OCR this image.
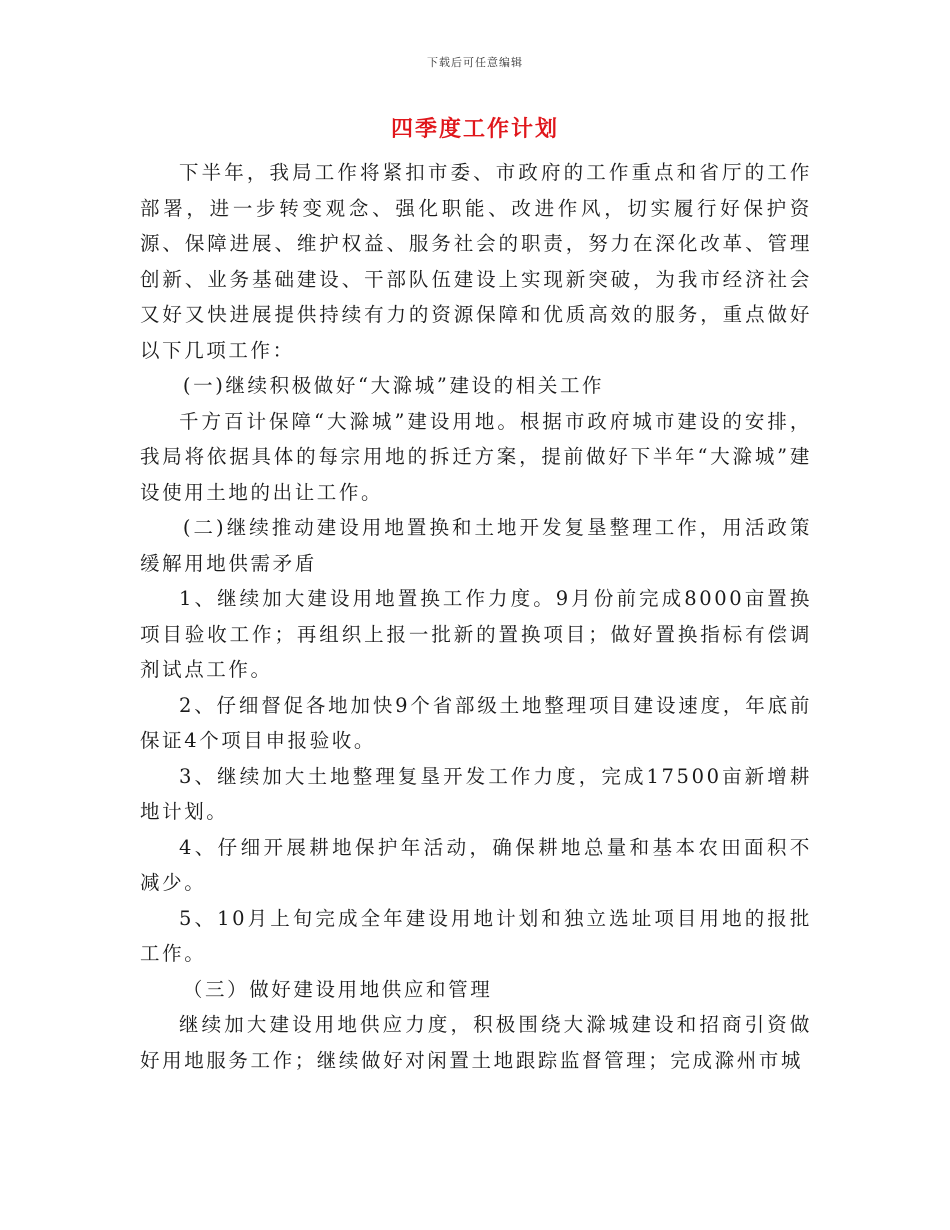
下载后可任意编辑
四季度工作计划

下半年，我局工作将紧扣市委、市政府的工作重点和省厅的工作部署，进一步转变观念、强化职能、改进作风，切实履行好保护资源、保障进展、维护权益、服务社会的职责，努力在深化改革、管理创新、业务基础建设、干部队伍建设上实现新突破，为我市经济社会又好又快进展提供持续有力的资源保障和优质高效的服务，重点做好以下几项工作：

(一)继续积极做好“大滁城”建设的相关工作

千方百计保障“大滁城”建设用地。根据市政府城市建设的安排，我局将依据具体的每宗用地的拆迁方案，提前做好下半年“大滁城”建设使用土地的出让工作。

(二)继续推动建设用地置换和土地开发复垦整理工作，用活政策缓解用地供需矛盾

1、继续加大建设用地置换工作力度。9月份前完成8000亩置换项目验收工作；再组织上报一批新的置换项目；做好置换指标有偿调剂试点工作。

2、仔细督促各地加快9个省部级土地整理项目建设速度，年底前保证4个项目申报验收。

3、继续加大土地整理复垦开发工作力度，完成17500亩新增耕地计划。

4、仔细开展耕地保护年活动，确保耕地总量和基本农田面积不减少。

5、10月上旬完成全年建设用地计划和独立选址项目用地的报批工作。

（三）做好建设用地供应和管理

继续加大建设用地供应力度，积极围绕大滁城建设和招商引资做好用地服务工作；继续做好对闲置土地跟踪监督管理；完成滁州市城
